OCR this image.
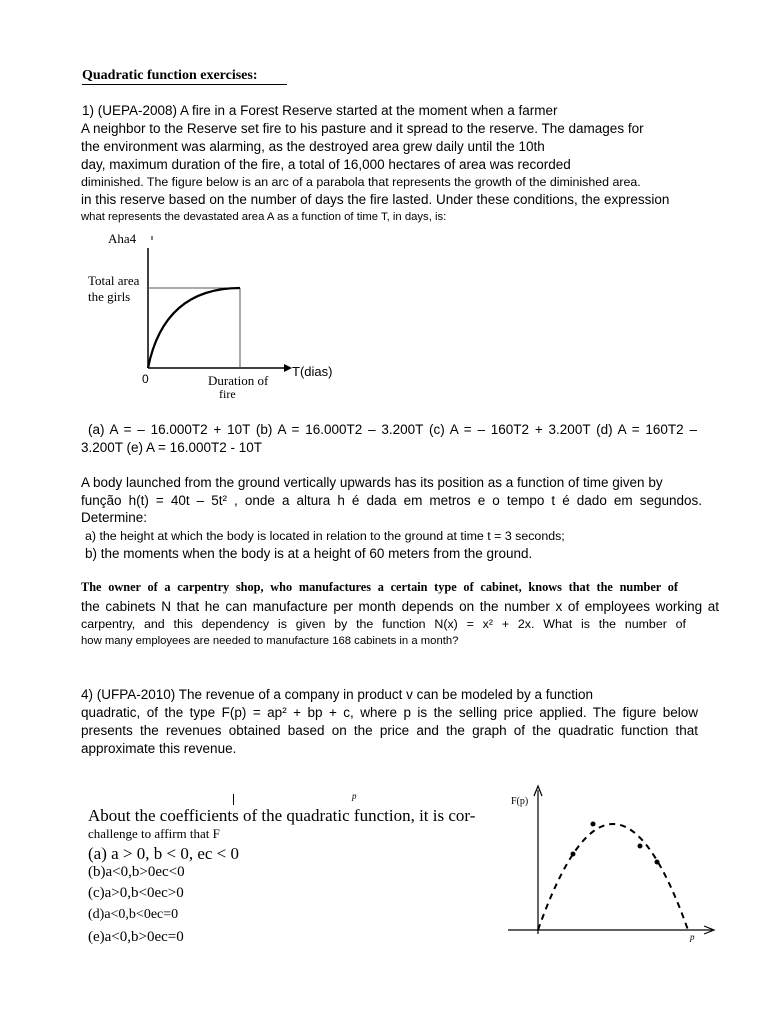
Quadratic function exercises:
1) (UEPA-2008) A fire in a Forest Reserve started at the moment when a farmer
A neighbor to the Reserve set fire to his pasture and it spread to the reserve. The damages for
the environment was alarming, as the destroyed area grew daily until the 10th
day, maximum duration of the fire, a total of 16,000 hectares of area was recorded
diminished. The figure below is an arc of a parabola that represents the growth of the diminished area.
in this reserve based on the number of days the fire lasted. Under these conditions, the expression
what represents the devastated area A as a function of time T, in days, is:
Aha4
Total area
the girls
0	T(dias)
Duration of
fire
(a) A = – 16.000T2 + 10T (b) A = 16.000T2 – 3.200T (c) A = – 160T2 + 3.200T (d) A = 160T2 –
3.200T (e) A = 16.000T2 - 10T
A body launched from the ground vertically upwards has its position as a function of time given by
função h(t) = 40t – 5t² , onde a altura h é dada em metros e o tempo t é dado em segundos.
Determine:
a) the height at which the body is located in relation to the ground at time t = 3 seconds;
b) the moments when the body is at a height of 60 meters from the ground.
The owner of a carpentry shop, who manufactures a certain type of cabinet, knows that the number of
the cabinets N that he can manufacture per month depends on the number x of employees working at
carpentry, and this dependency is given by the function N(x) = x² + 2x. What is the number of
how many employees are needed to manufacture 168 cabinets in a month?
4) (UFPA-2010) The revenue of a company in product v can be modeled by a function
quadratic, of the type F(p) = ap² + bp + c, where p is the selling price applied. The figure below
presents the revenues obtained based on the price and the graph of the quadratic function that
approximate this revenue.
p
About the coefficients of the quadratic function, it is cor-
challenge to affirm that F
(a) a > 0, b < 0, ec < 0
(b)a<0,b>0ec<0
(c)a>0,b<0ec>0
(d)a<0,b<0ec=0
(e)a<0,b>0ec=0
F(p)
p
